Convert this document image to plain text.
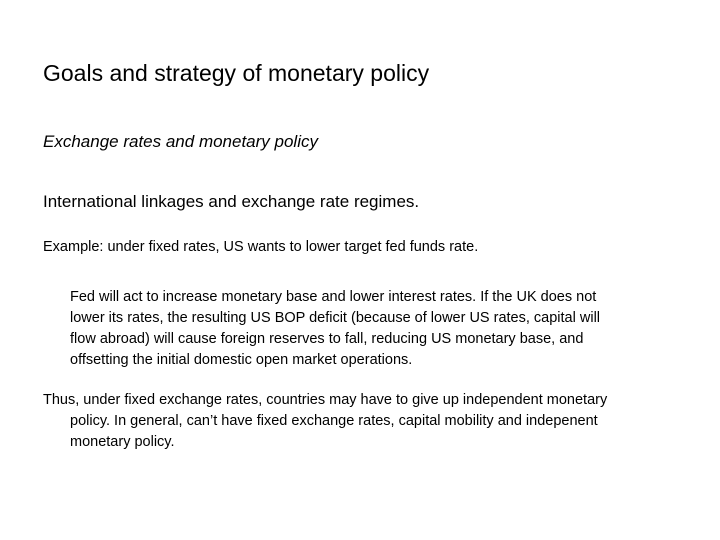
Goals and strategy of monetary policy

Exchange rates and monetary policy

International linkages and exchange rate regimes.

Example: under fixed rates, US wants to lower target fed funds rate.

Fed will act to increase monetary base and lower interest rates. If the UK does not
lower its rates, the resulting US BOP deficit (because of lower US rates, capital will
flow abroad) will cause foreign reserves to fall, reducing US monetary base, and
offsetting the initial domestic open market operations.
Thus, under fixed exchange rates, countries may have to give up independent monetary
policy. In general, can’t have fixed exchange rates, capital mobility and indepenent
monetary policy.
